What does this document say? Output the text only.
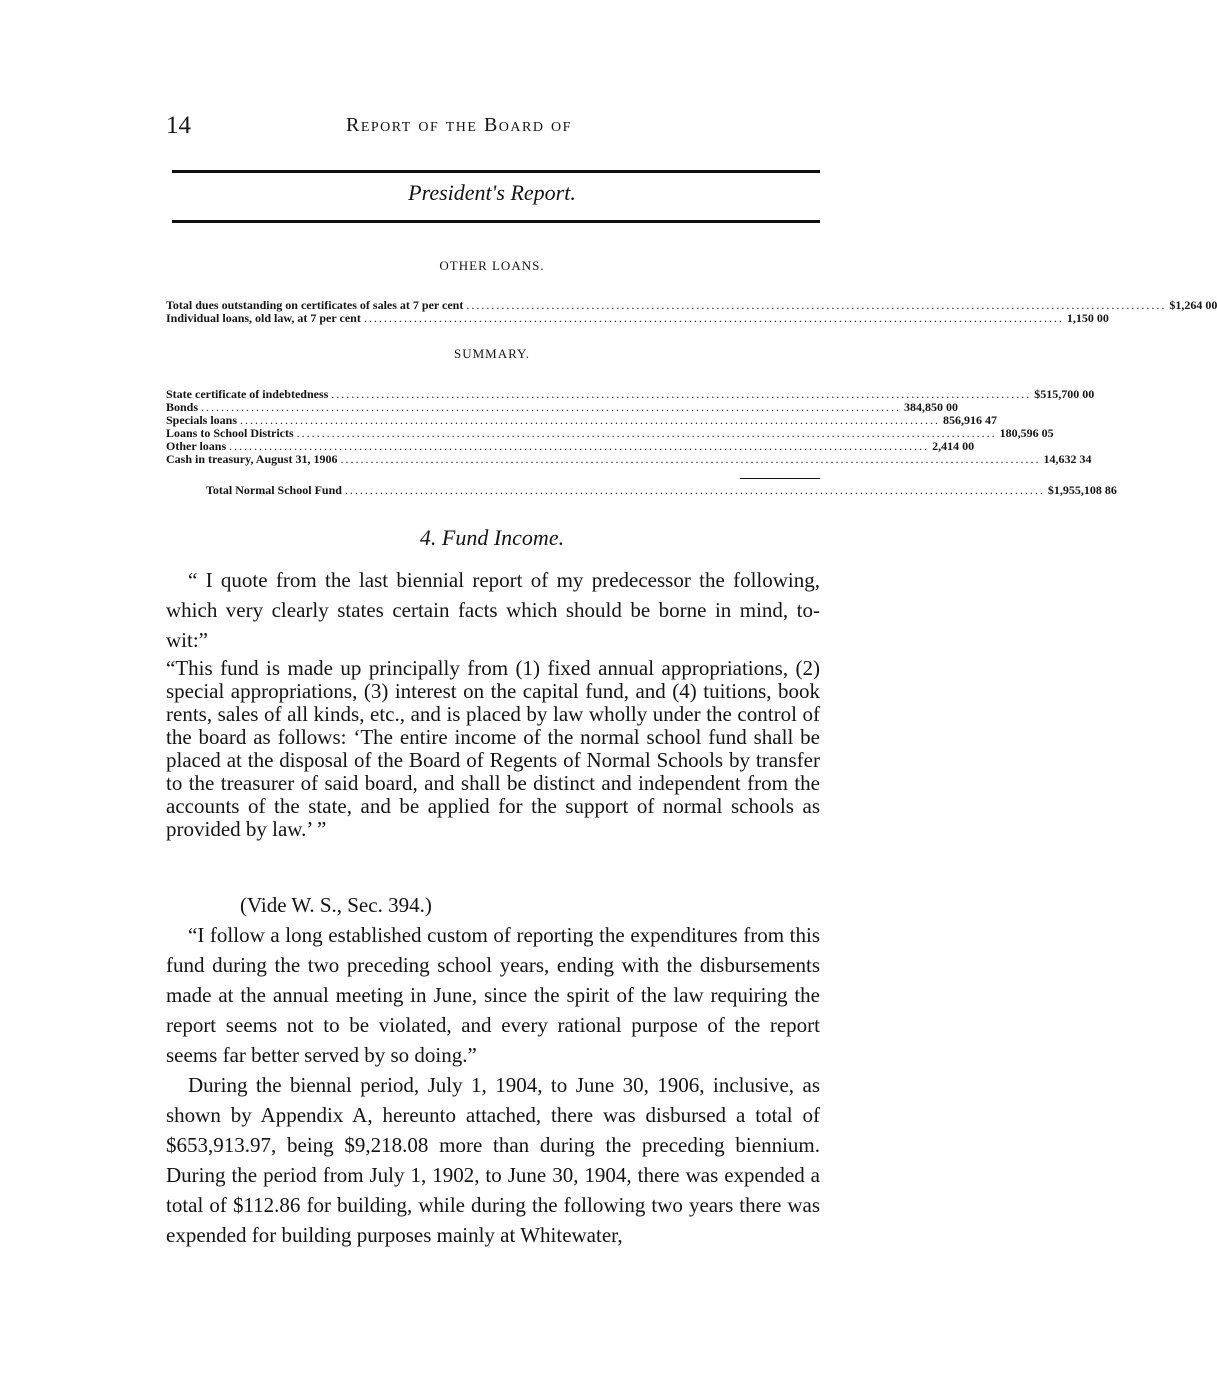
14	Report of the Board of
President's Report.
OTHER LOANS.
Total dues outstanding on certificates of sales at 7 per cent ............................................................................................................................................ $1,264 00
Individual loans, old law, at 7 per cent ............................................................................................................................................ 1,150 00
SUMMARY.
State certificate of indebtedness ............................................................................................................................................ $515,700 00
Bonds ............................................................................................................................................ 384,850 00
Specials loans ............................................................................................................................................ 856,916 47
Loans to School Districts ............................................................................................................................................ 180,596 05
Other loans ............................................................................................................................................ 2,414 00
Cash in treasury, August 31, 1906 ............................................................................................................................................ 14,632 34
Total Normal School Fund ............................................................................................................................................ $1,955,108 86
4. Fund Income.

“ I quote from the last biennial report of my predecessor the following, which very clearly states certain facts which should be borne in mind, to-wit:”

“This fund is made up principally from (1) fixed annual appropriations, (2) special appropriations, (3) interest on the capital fund, and (4) tuitions, book rents, sales of all kinds, etc., and is placed by law wholly under the control of the board as follows: ‘The entire income of the normal school fund shall be placed at the disposal of the Board of Regents of Normal Schools by transfer to the treasurer of said board, and shall be distinct and independent from the accounts of the state, and be applied for the support of normal schools as provided by law.’ ”

(Vide W. S., Sec. 394.)

“I follow a long established custom of reporting the expenditures from this fund during the two preceding school years, ending with the disbursements made at the annual meeting in June, since the spirit of the law requiring the report seems not to be violated, and every rational purpose of the report seems far better served by so doing.”

During the biennal period, July 1, 1904, to June 30, 1906, inclusive, as shown by Appendix A, hereunto attached, there was disbursed a total of $653,913.97, being $9,218.08 more than during the preceding biennium. During the period from July 1, 1902, to June 30, 1904, there was expended a total of $112.86 for building, while during the following two years there was expended for building purposes mainly at Whitewater,
